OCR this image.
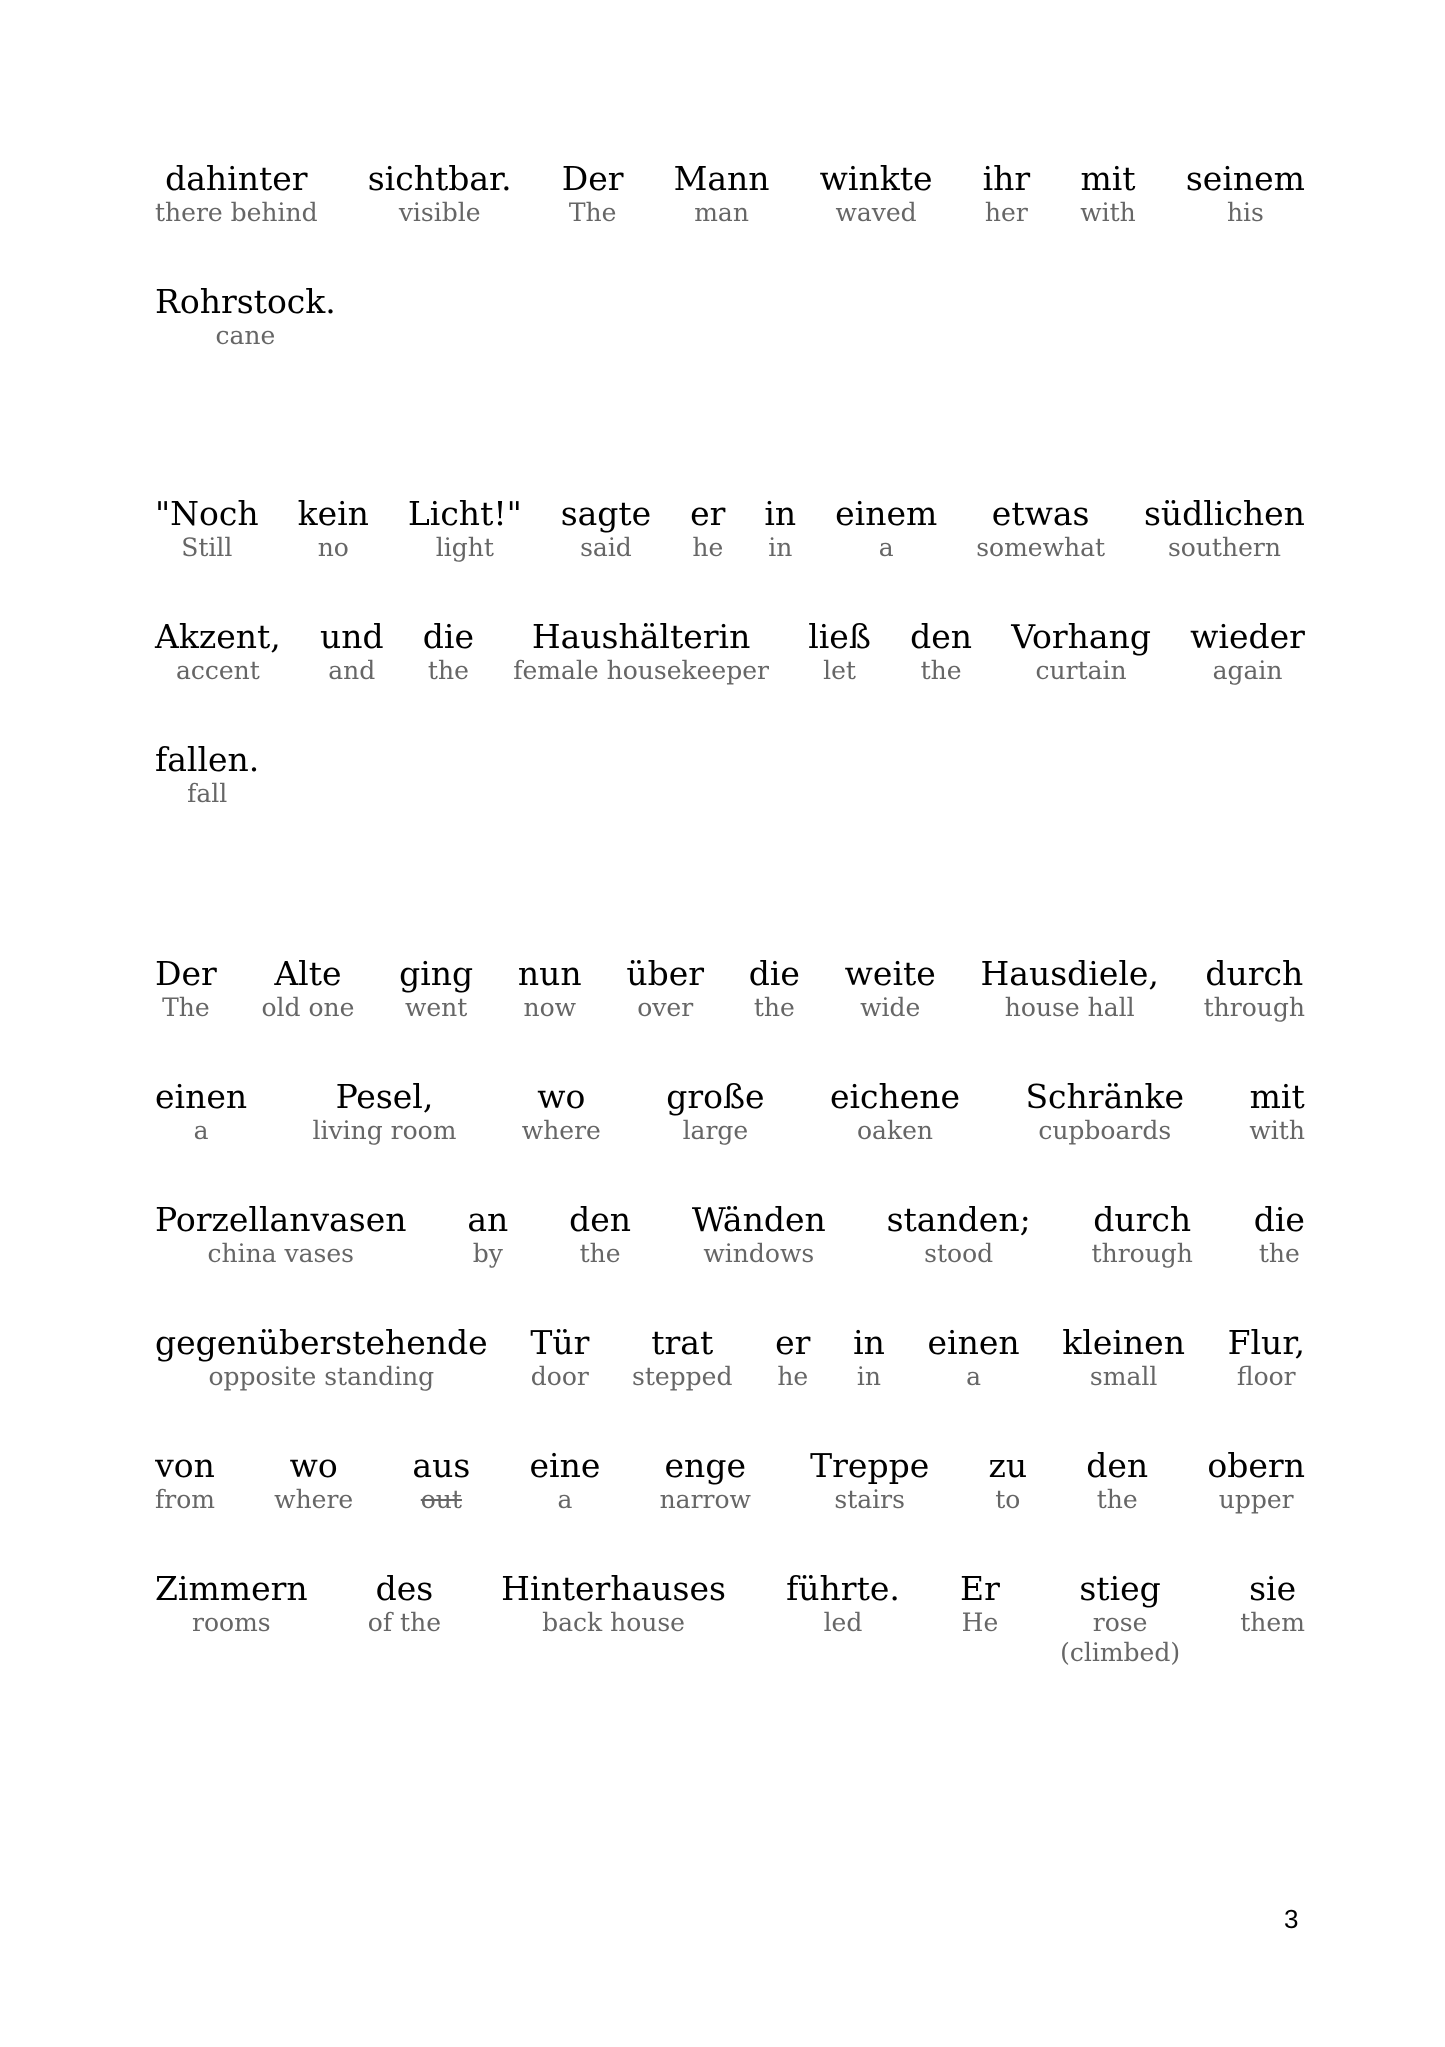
dahinter
there behind
sichtbar.
visible
Der
The
Mann
man
winkte
waved
ihr
her
mit
with
seinem
his
Rohrstock.
cane
"Noch
Still
kein
no
Licht!"
light
sagte
said
er
he
in
in
einem
a
etwas
somewhat
südlichen
southern
Akzent,
accent
und
and
die
the
Haushälterin
female housekeeper
ließ
let
den
the
Vorhang
curtain
wieder
again
fallen.
fall
Der
The
Alte
old one
ging
went
nun
now
über
over
die
the
weite
wide
Hausdiele,
house hall
durch
through
einen
a
Pesel,
living room
wo
where
große
large
eichene
oaken
Schränke
cupboards
mit
with
Porzellanvasen
china vases
an
by
den
the
Wänden
windows
standen;
stood
durch
through
die
the
gegenüberstehende
opposite standing
Tür
door
trat
stepped
er
he
in
in
einen
a
kleinen
small
Flur,
floor
von
from
wo
where
aus
out
eine
a
enge
narrow
Treppe
stairs
zu
to
den
the
obern
upper
Zimmern
rooms
des
of the
Hinterhauses
back house
führte.
led
Er
He
stieg
rose
(climbed)
sie
them
3
